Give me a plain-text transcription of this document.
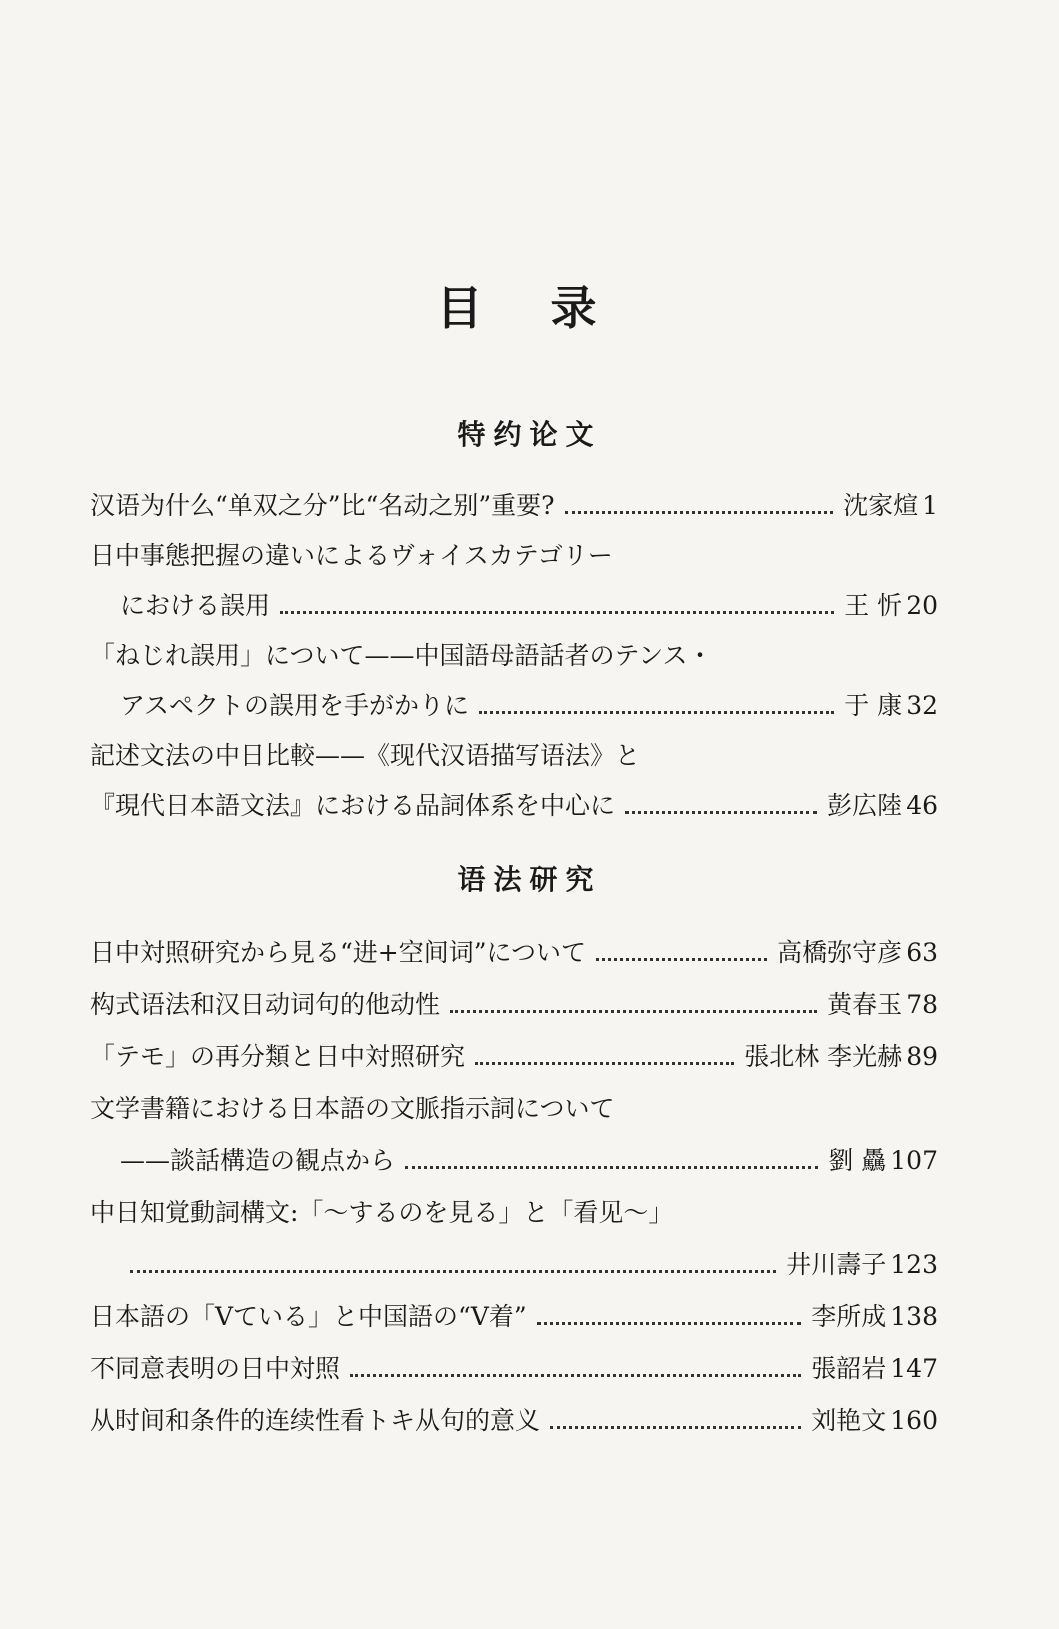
目 录
特约论文
语法研究
汉语为什么“单双之分”比“名动之别”重要?	沈家煊 1
日中事態把握の違いによるヴォイスカテゴリー
における誤用	王 忻 20
「ねじれ誤用」について——中国語母語話者のテンス・
アスペクトの誤用を手がかりに	于 康 32
記述文法の中日比較——《现代汉语描写语法》と
『現代日本語文法』における品詞体系を中心に	彭広陸 46
日中対照研究から見る“进+空间词”について	高橋弥守彦 63
构式语法和汉日动词句的他动性	黄春玉 78
「テモ」の再分類と日中対照研究	張北林 李光赫 89
文学書籍における日本語の文脈指示詞について
——談話構造の観点から	劉 驫 107
中日知覚動詞構文:「〜するのを見る」と「看见〜」
井川壽子 123
日本語の「Vている」と中国語の“V着”	李所成 138
不同意表明の日中対照	張韶岩 147
从时间和条件的连续性看トキ从句的意义	刘艳文 160
